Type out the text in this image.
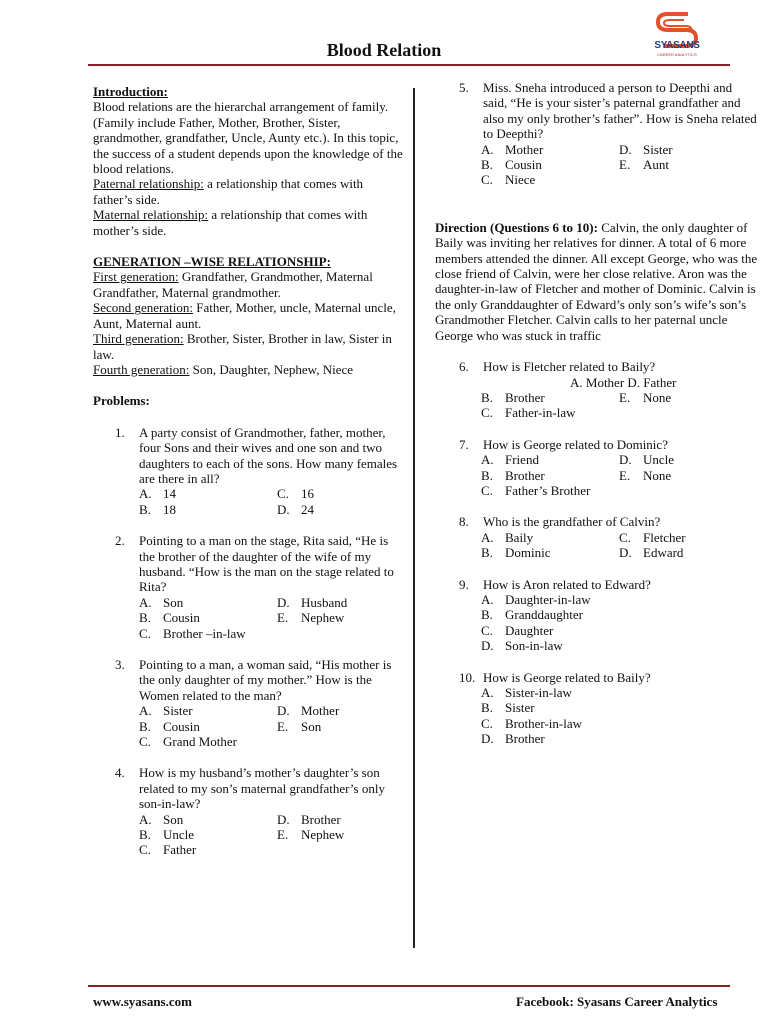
SYASANS
CAREER ANALYTICS
Blood Relation

Introduction:

Blood relations are the hierarchal arrangement of family. (Family include Father, Mother, Brother, Sister, grandmother, grandfather, Uncle, Aunty etc.). In this topic, the success of a student depends upon the knowledge of the blood relations.

Paternal relationship: a relationship that comes with father’s side.

Maternal relationship: a relationship that comes with mother’s side.

GENERATION –WISE RELATIONSHIP:

First generation: Grandfather, Grandmother, Maternal Grandfather, Maternal grandmother.

Second generation: Father, Mother, uncle, Maternal uncle, Aunt, Maternal aunt.

Third generation: Brother, Sister, Brother in law, Sister in law.

Fourth generation: Son, Daughter, Nephew, Niece

Problems:

1. A party consist of Grandmother, father, mother, four Sons and their wives and one son and two daughters to each of the sons. How many females are there in all?

A. 14	C. 16
B. 18	D. 24
2. Pointing to a man on the stage, Rita said, “He is the brother of the daughter of the wife of my husband. “How is the man on the stage related to Rita?

A. Son	D. Husband
B. Cousin	E. Nephew
C. Brother –in-law
3. Pointing to a man, a woman said, “His mother is the only daughter of my mother.” How is the Women related to the man?

A. Sister	D. Mother
B. Cousin	E. Son
C. Grand Mother
4. How is my husband’s mother’s daughter’s son related to my son’s maternal grandfather’s only son-in-law?

A. Son	D. Brother
B. Uncle	E. Nephew
C. Father
5. Miss. Sneha introduced a person to Deepthi and said, “He is your sister’s paternal grandfather and also my only brother’s father”. How is Sneha related to Deepthi?

A. Mother	D. Sister
B. Cousin	E. Aunt
C. Niece

Direction (Questions 6 to 10): Calvin, the only daughter of Baily was inviting her relatives for dinner. A total of 6 more members attended the dinner. All except George, who was the close friend of Calvin, were her close relative. Aron was the daughter-in-law of Fletcher and mother of Dominic. Calvin is the only Granddaughter of Edward’s only son’s wife’s son’s Grandmother Fletcher. Calvin calls to her paternal uncle George who was stuck in traffic

6. How is Fletcher related to Baily?

A. Mother D. Father

B. Brother	E. None
C. Father-in-law
7. How is George related to Dominic?

A. Friend	D. Uncle
B. Brother	E. None
C. Father’s Brother
8. Who is the grandfather of Calvin?

A. Baily	C. Fletcher
B. Dominic	D. Edward
9. How is Aron related to Edward?

A. Daughter-in-law
B. Granddaughter
C. Daughter
D. Son-in-law
10. How is George related to Baily?

A. Sister-in-law
B. Sister
C. Brother-in-law
D. Brother
www.syasans.com	Facebook: Syasans Career Analytics
